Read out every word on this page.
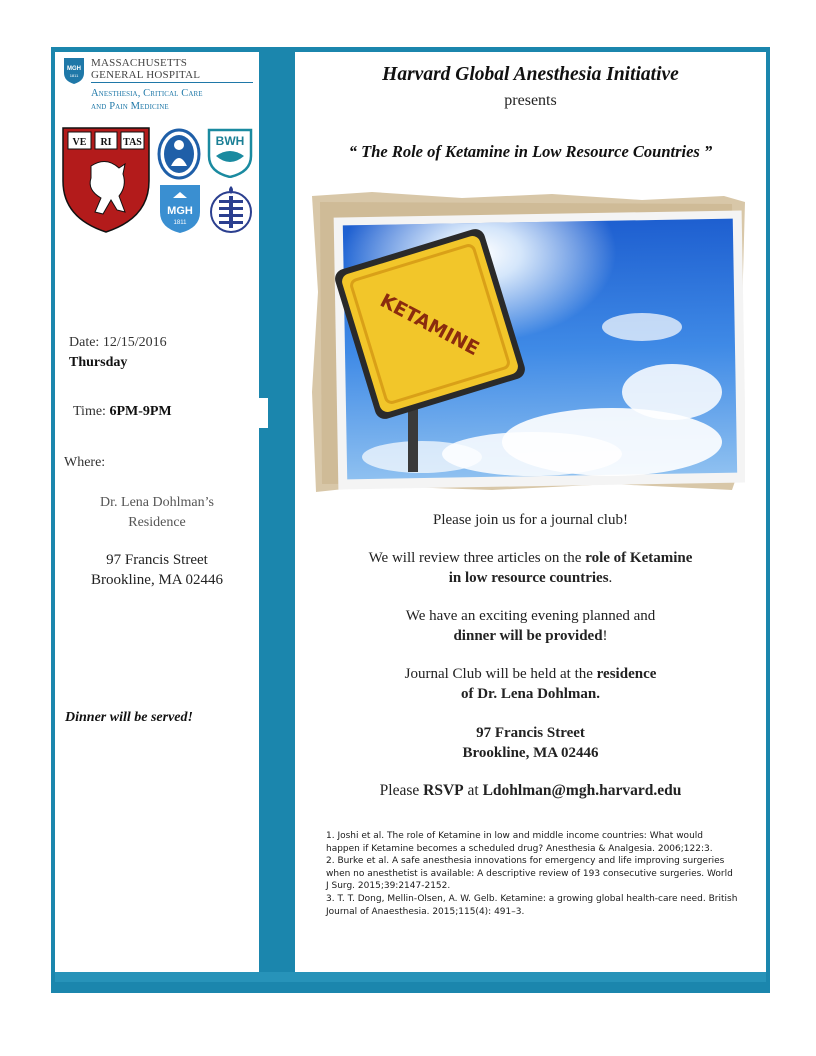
MGH
1811
MASSACHUSETTS
GENERAL HOSPITAL
Anesthesia, Critical Care
and Pain Medicine
VE RI TAS	BWH
MGH
1811
Date: 12/15/2016
Thursday
Time: 6PM-9PM
Where:
Dr. Lena Dohlman’s
Residence
97 Francis Street
Brookline, MA 02446
Dinner will be served!
Harvard Global Anesthesia Initiative
presents
“ The Role of Ketamine in Low Resource Countries ”
KETAMINE
Please join us for a journal club!
We will review three articles on the role of Ketamine
in low resource countries.
We have an exciting evening planned and
dinner will be provided!
Journal Club will be held at the residence
of Dr. Lena Dohlman.
97 Francis Street
Brookline, MA 02446
Please RSVP at Ldohlman@mgh.harvard.edu

1. Joshi et al. The role of Ketamine in low and middle income countries: What would happen if Ketamine becomes a scheduled drug? Anesthesia & Analgesia. 2006;122:3.

2. Burke et al. A safe anesthesia innovations for emergency and life improving surgeries when no anesthetist is available: A descriptive review of 193 consecutive surgeries. World J Surg. 2015;39:2147-2152.

3. T. T. Dong, Mellin-Olsen, A. W. Gelb. Ketamine: a growing global health-care need. British Journal of Anaesthesia. 2015;115(4): 491–3.
